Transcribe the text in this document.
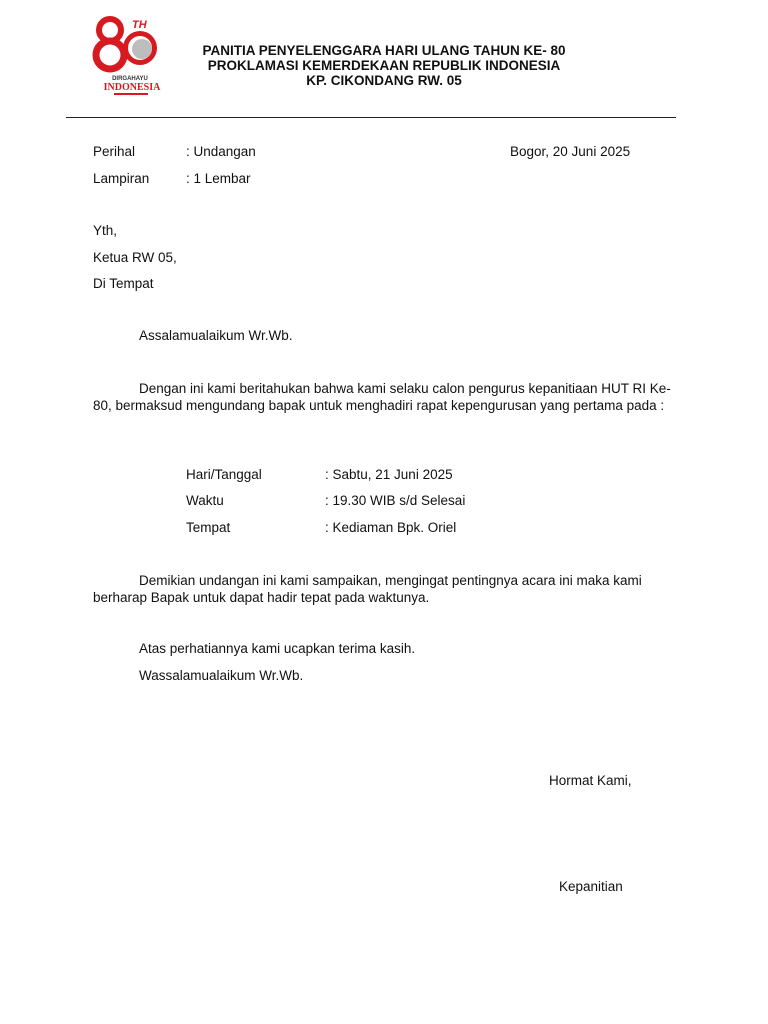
TH
DIRGAHAYU
INDONESIA
PANITIA PENYELENGGARA HARI ULANG TAHUN KE- 80
PROKLAMASI KEMERDEKAAN REPUBLIK INDONESIA
KP. CIKONDANG RW. 05
Perihal	: Undangan	Bogor, 20 Juni 2025
Lampiran	: 1 Lembar
Yth,
Ketua RW 05,
Di Tempat
Assalamualaikum Wr.Wb.
Dengan ini kami beritahukan bahwa kami selaku calon pengurus kepanitiaan HUT RI Ke- 80, bermaksud mengundang bapak untuk menghadiri rapat kepengurusan yang pertama pada :
Hari/Tanggal	: Sabtu, 21 Juni 2025
Waktu	: 19.30 WIB s/d Selesai
Tempat	: Kediaman Bpk. Oriel
Demikian undangan ini kami sampaikan, mengingat pentingnya acara ini maka kami berharap Bapak untuk dapat hadir tepat pada waktunya.
Atas perhatiannya kami ucapkan terima kasih.
Wassalamualaikum Wr.Wb.
Hormat Kami,
Kepanitian
